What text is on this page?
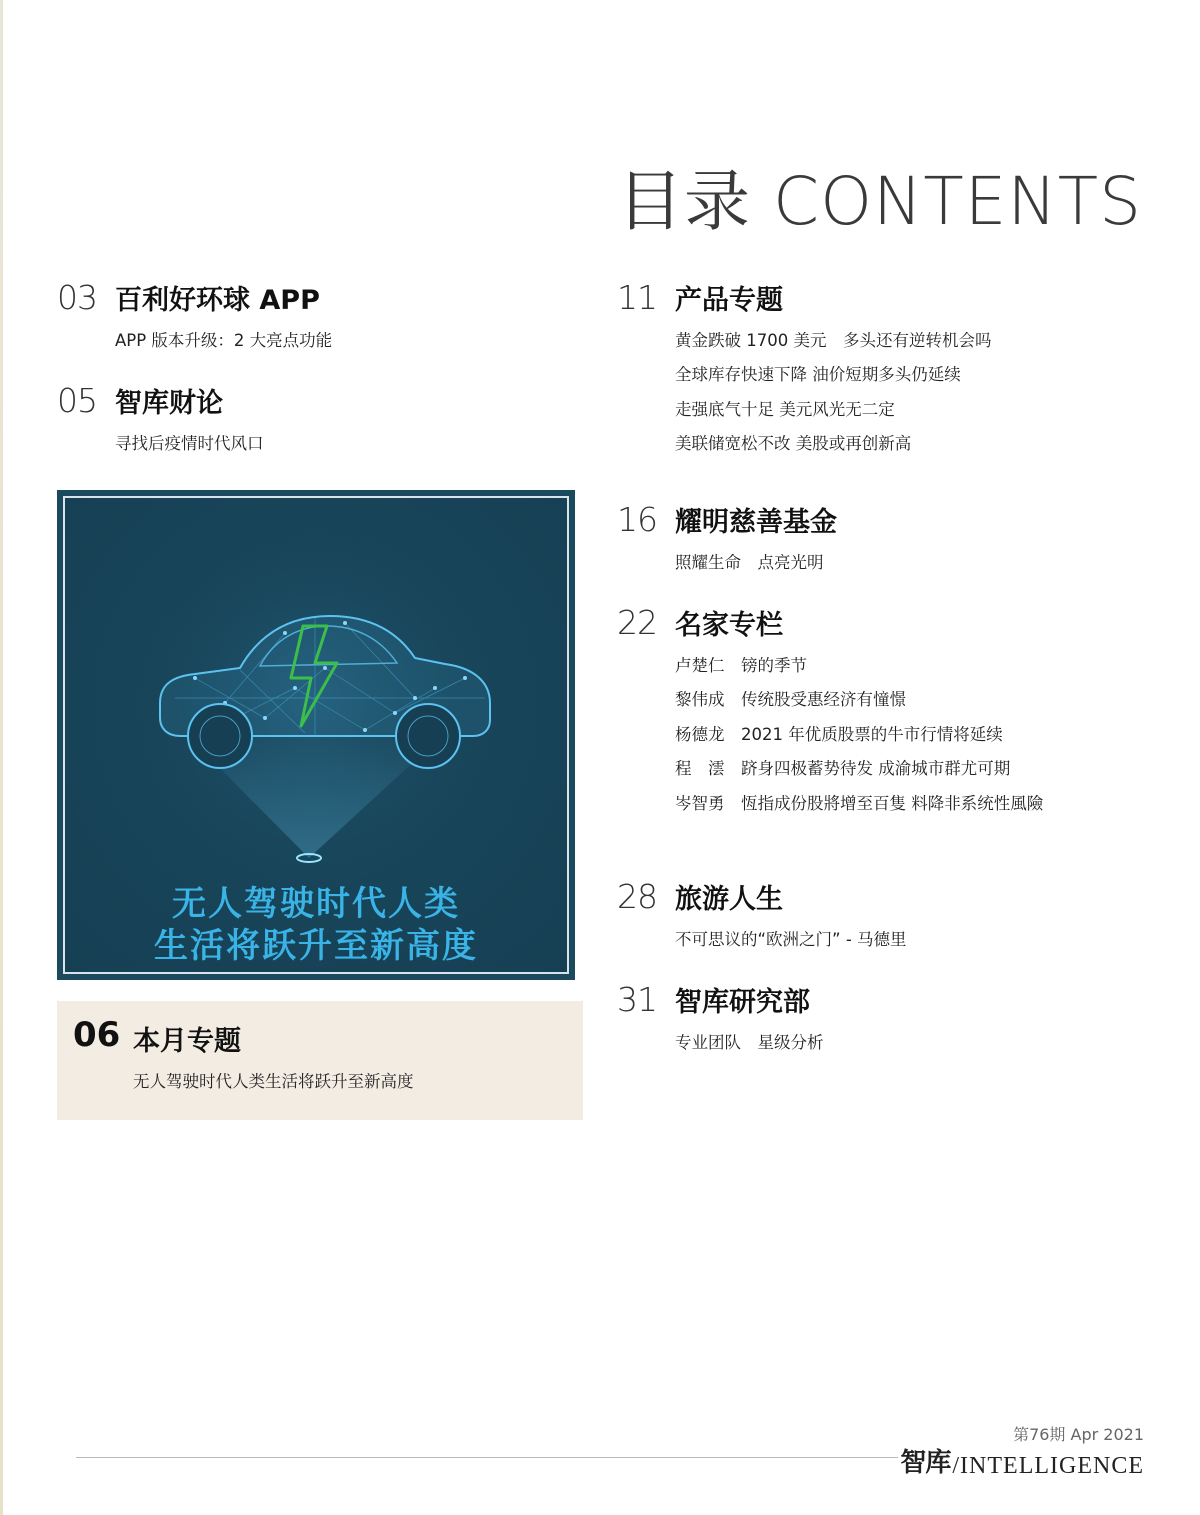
目录 CONTENTS
03 百利好环球 APP
APP 版本升级：2 大亮点功能
05 智库财论
寻找后疫情时代风口
无人驾驶时代人类
生活将跃升至新高度
06 本月专题
无人驾驶时代人类生活将跃升至新高度
11 产品专题
黄金跌破 1700 美元　多头还有逆转机会吗
全球库存快速下降 油价短期多头仍延续
走强底气十足 美元风光无二定
美联储宽松不改 美股或再创新高
16 耀明慈善基金
照耀生命　点亮光明
22 名家专栏
卢楚仁　镑的季节
黎伟成　传统股受惠经济有憧憬
杨德龙　2021 年优质股票的牛市行情将延续
程　澐　跻身四极蓄势待发 成渝城市群尤可期
岑智勇　恆指成份股將增至百隻 料降非系统性風險
28 旅游人生
不可思议的“欧洲之门” - 马德里
31 智库研究部
专业团队　星级分析
第76期 Apr 2021
智库 /INTELLIGENCE
